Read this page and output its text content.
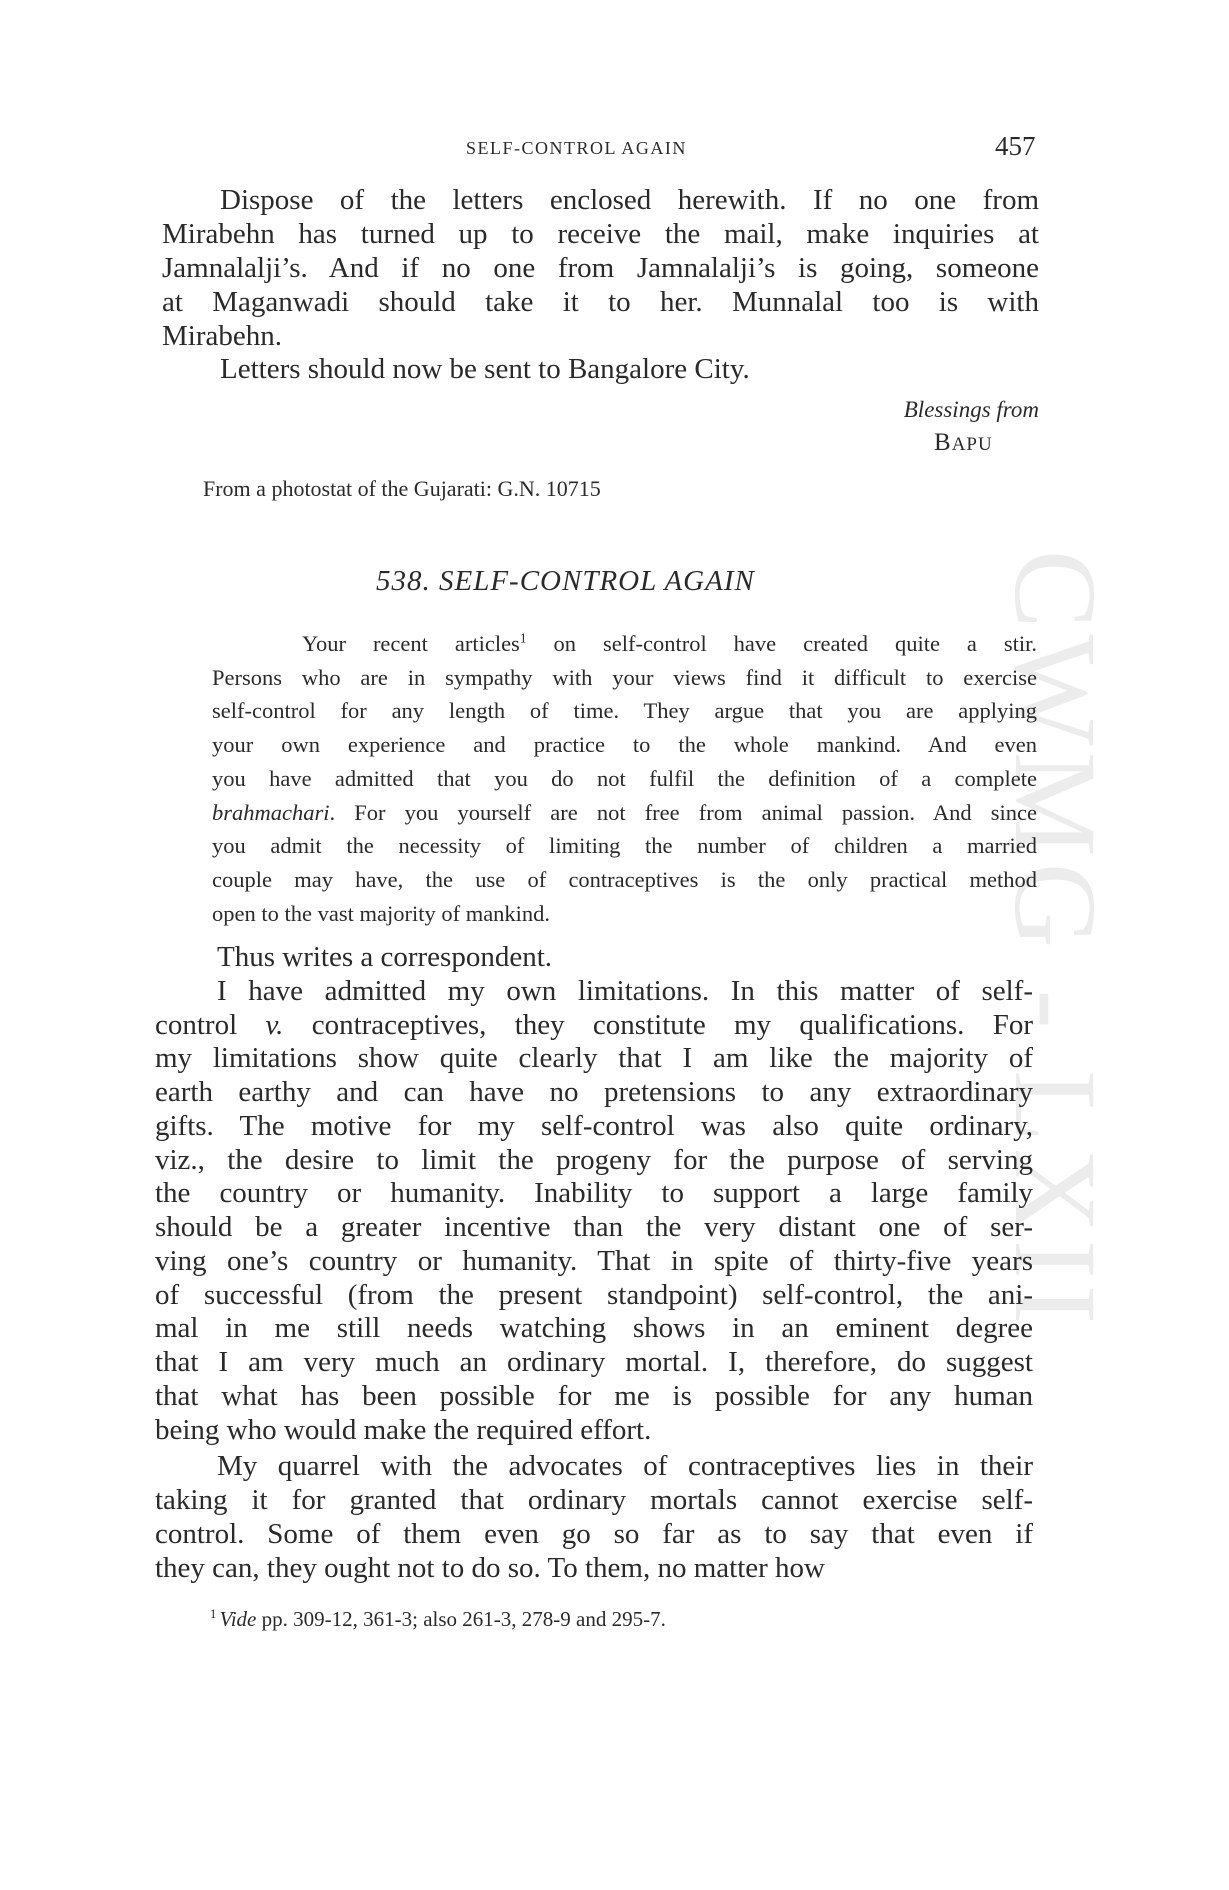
CWMG - LXII
SELF-CONTROL AGAIN	457
Blessings from
BAPU
From a photostat of the Gujarati: G.N. 10715
538. SELF-CONTROL AGAIN
Dispose of the letters enclosed herewith. If no one from
Mirabehn has turned up to receive the mail, make inquiries at
Jamnalalji’s. And if no one from Jamnalalji’s is going, someone
at Maganwadi should take it to her. Munnalal too is with
Mirabehn.
Letters should now be sent to Bangalore City.
Your recent articles$^1$ on self-control have created quite a stir.
Persons who are in sympathy with your views find it difficult to exercise
self-control for any length of time. They argue that you are applying
your own experience and practice to the whole mankind. And even
you have admitted that you do not fulfil the definition of a complete
brahmachari. For you yourself are not free from animal passion. And since
you admit the necessity of limiting the number of children a married
couple may have, the use of contraceptives is the only practical method
open to the vast majority of mankind.
Thus writes a correspondent.
I have admitted my own limitations. In this matter of self-
control v. contraceptives, they constitute my qualifications. For
my limitations show quite clearly that I am like the majority of
earth earthy and can have no pretensions to any extraordinary
gifts. The motive for my self-control was also quite ordinary,
viz., the desire to limit the progeny for the purpose of serving
the country or humanity. Inability to support a large family
should be a greater incentive than the very distant one of ser-
ving one’s country or humanity. That in spite of thirty-five years
of successful (from the present standpoint) self-control, the ani-
mal in me still needs watching shows in an eminent degree
that I am very much an ordinary mortal. I, therefore, do suggest
that what has been possible for me is possible for any human
being who would make the required effort.
My quarrel with the advocates of contraceptives lies in their
taking it for granted that ordinary mortals cannot exercise self-
control. Some of them even go so far as to say that even if
they can, they ought not to do so. To them, no matter how
$^1$ Vide pp. 309-12, 361-3; also 261-3, 278-9 and 295-7.
